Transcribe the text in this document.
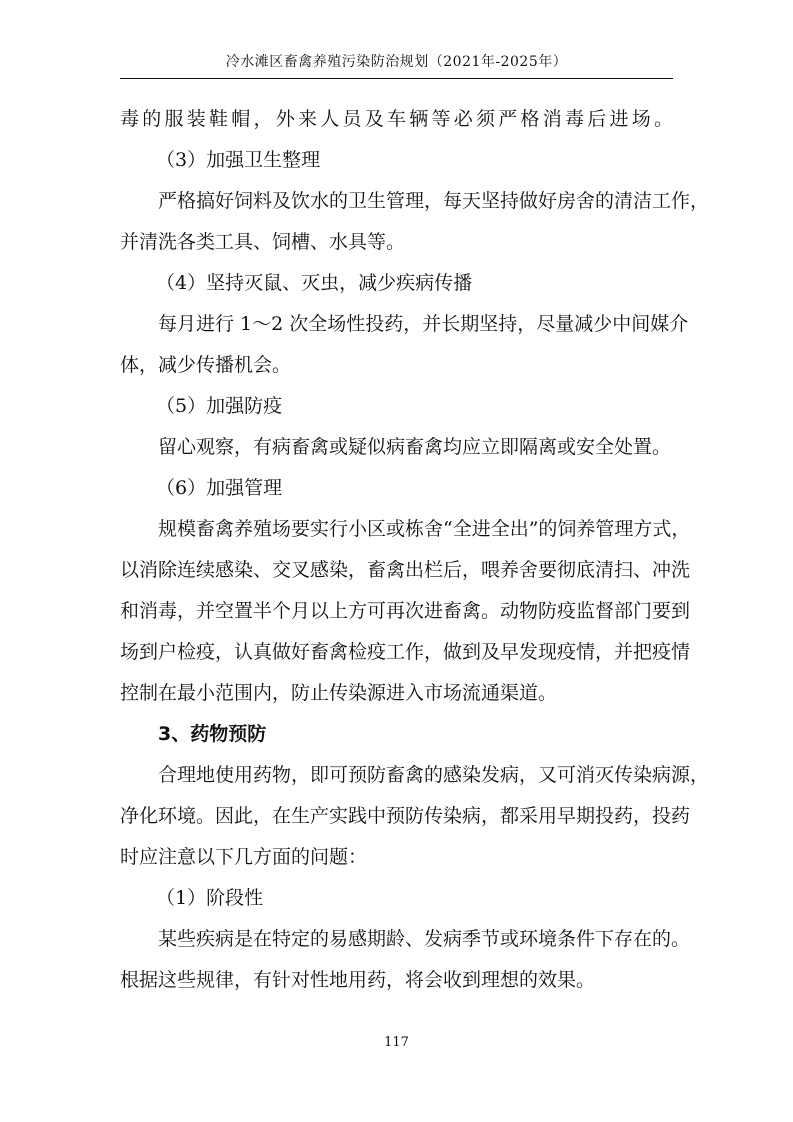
冷水滩区畜禽养殖污染防治规划（2021年-2025年）
毒的服装鞋帽，外来人员及车辆等必须严格消毒后进场。
（3）加强卫生整理
严格搞好饲料及饮水的卫生管理，每天坚持做好房舍的清洁工作，
并清洗各类工具、饲槽、水具等。
（4）坚持灭鼠、灭虫，减少疾病传播
每月进行 1～2 次全场性投药，并长期坚持，尽量减少中间媒介
体，减少传播机会。
（5）加强防疫
留心观察，有病畜禽或疑似病畜禽均应立即隔离或安全处置。
（6）加强管理
规模畜禽养殖场要实行小区或栋舍“全进全出”的饲养管理方式，
以消除连续感染、交叉感染，畜禽出栏后，喂养舍要彻底清扫、冲洗
和消毒，并空置半个月以上方可再次进畜禽。动物防疫监督部门要到
场到户检疫，认真做好畜禽检疫工作，做到及早发现疫情，并把疫情
控制在最小范围内，防止传染源进入市场流通渠道。
3、药物预防
合理地使用药物，即可预防畜禽的感染发病，又可消灭传染病源，
净化环境。因此，在生产实践中预防传染病，都采用早期投药，投药
时应注意以下几方面的问题：
（1）阶段性
某些疾病是在特定的易感期龄、发病季节或环境条件下存在的。
根据这些规律，有针对性地用药，将会收到理想的效果。
117
